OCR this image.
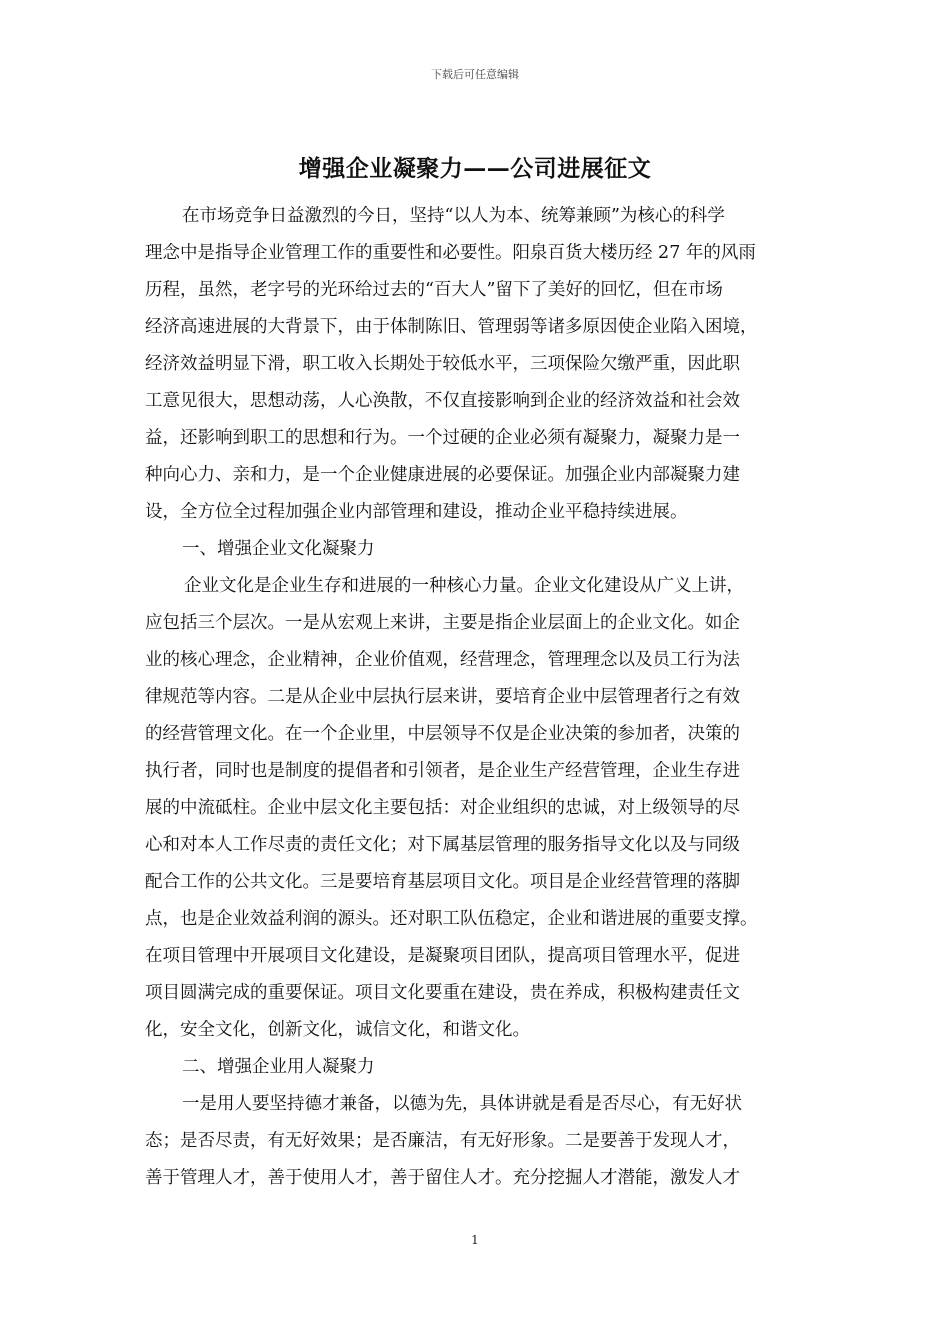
下载后可任意编辑
增强企业凝聚力——公司进展征文
在市场竞争日益激烈的今日，坚持“以人为本、统筹兼顾”为核心的科学
理念中是指导企业管理工作的重要性和必要性。阳泉百货大楼历经 27 年的风雨
历程，虽然，老字号的光环给过去的“百大人”留下了美好的回忆，但在市场
经济高速进展的大背景下，由于体制陈旧、管理弱等诸多原因使企业陷入困境，
经济效益明显下滑，职工收入长期处于较低水平，三项保险欠缴严重，因此职
工意见很大，思想动荡，人心涣散，不仅直接影响到企业的经济效益和社会效
益，还影响到职工的思想和行为。一个过硬的企业必须有凝聚力，凝聚力是一
种向心力、亲和力，是一个企业健康进展的必要保证。加强企业内部凝聚力建
设，全方位全过程加强企业内部管理和建设，推动企业平稳持续进展。
一、增强企业文化凝聚力
企业文化是企业生存和进展的一种核心力量。企业文化建设从广义上讲，
应包括三个层次。一是从宏观上来讲，主要是指企业层面上的企业文化。如企
业的核心理念，企业精神，企业价值观，经营理念，管理理念以及员工行为法
律规范等内容。二是从企业中层执行层来讲，要培育企业中层管理者行之有效
的经营管理文化。在一个企业里，中层领导不仅是企业决策的参加者，决策的
执行者，同时也是制度的提倡者和引领者，是企业生产经营管理，企业生存进
展的中流砥柱。企业中层文化主要包括：对企业组织的忠诚，对上级领导的尽
心和对本人工作尽责的责任文化；对下属基层管理的服务指导文化以及与同级
配合工作的公共文化。三是要培育基层项目文化。项目是企业经营管理的落脚
点，也是企业效益利润的源头。还对职工队伍稳定，企业和谐进展的重要支撑。
在项目管理中开展项目文化建设，是凝聚项目团队，提高项目管理水平，促进
项目圆满完成的重要保证。项目文化要重在建设，贵在养成，积极构建责任文
化，安全文化，创新文化，诚信文化，和谐文化。
二、增强企业用人凝聚力
一是用人要坚持德才兼备，以德为先，具体讲就是看是否尽心，有无好状
态；是否尽责，有无好效果；是否廉洁，有无好形象。二是要善于发现人才，
善于管理人才，善于使用人才，善于留住人才。充分挖掘人才潜能，激发人才
1
